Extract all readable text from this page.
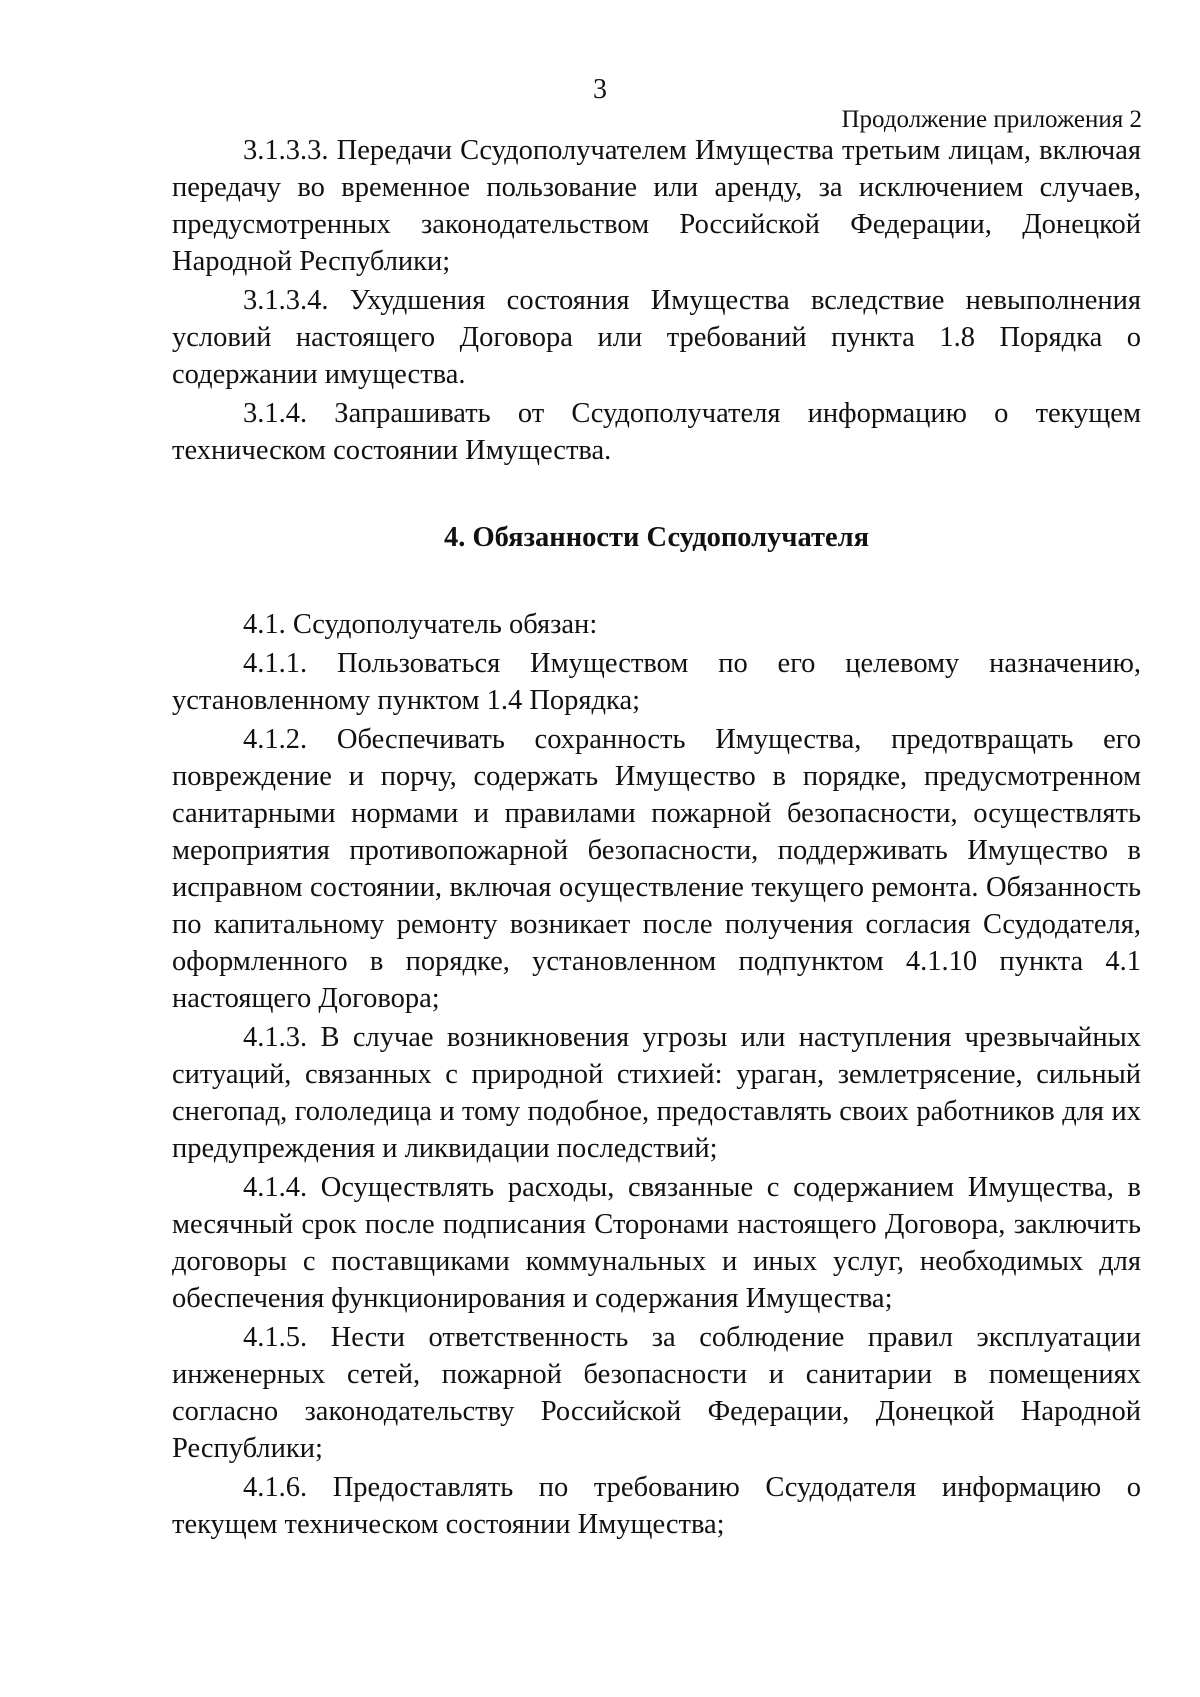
3
Продолжение приложения 2

3.1.3.3. Передачи Ссудополучателем Имущества третьим лицам, включая передачу во временное пользование или аренду, за исключением случаев, предусмотренных законодательством Российской Федерации, Донецкой Народной Республики;

3.1.3.4. Ухудшения состояния Имущества вследствие невыполнения условий настоящего Договора или требований пункта 1.8 Порядка о содержании имущества.

3.1.4. Запрашивать от Ссудополучателя информацию о текущем техническом состоянии Имущества.

4. Обязанности Ссудополучателя

4.1. Ссудополучатель обязан:

4.1.1. Пользоваться Имуществом по его целевому назначению, установленному пунктом 1.4 Порядка;

4.1.2. Обеспечивать сохранность Имущества, предотвращать его повреждение и порчу, содержать Имущество в порядке, предусмотренном санитарными нормами и правилами пожарной безопасности, осуществлять мероприятия противопожарной безопасности, поддерживать Имущество в исправном состоянии, включая осуществление текущего ремонта. Обязанность по капитальному ремонту возникает после получения согласия Ссудодателя, оформленного в порядке, установленном подпунктом 4.1.10 пункта 4.1 настоящего Договора;

4.1.3. В случае возникновения угрозы или наступления чрезвычайных ситуаций, связанных с природной стихией: ураган, землетрясение, сильный снегопад, гололедица и тому подобное, предоставлять своих работников для их предупреждения и ликвидации последствий;

4.1.4. Осуществлять расходы, связанные с содержанием Имущества, в месячный срок после подписания Сторонами настоящего Договора, заключить договоры с поставщиками коммунальных и иных услуг, необходимых для обеспечения функционирования и содержания Имущества;

4.1.5. Нести ответственность за соблюдение правил эксплуатации инженерных сетей, пожарной безопасности и санитарии в помещениях согласно законодательству Российской Федерации, Донецкой Народной Республики;

4.1.6. Предоставлять по требованию Ссудодателя информацию о текущем техническом состоянии Имущества;
